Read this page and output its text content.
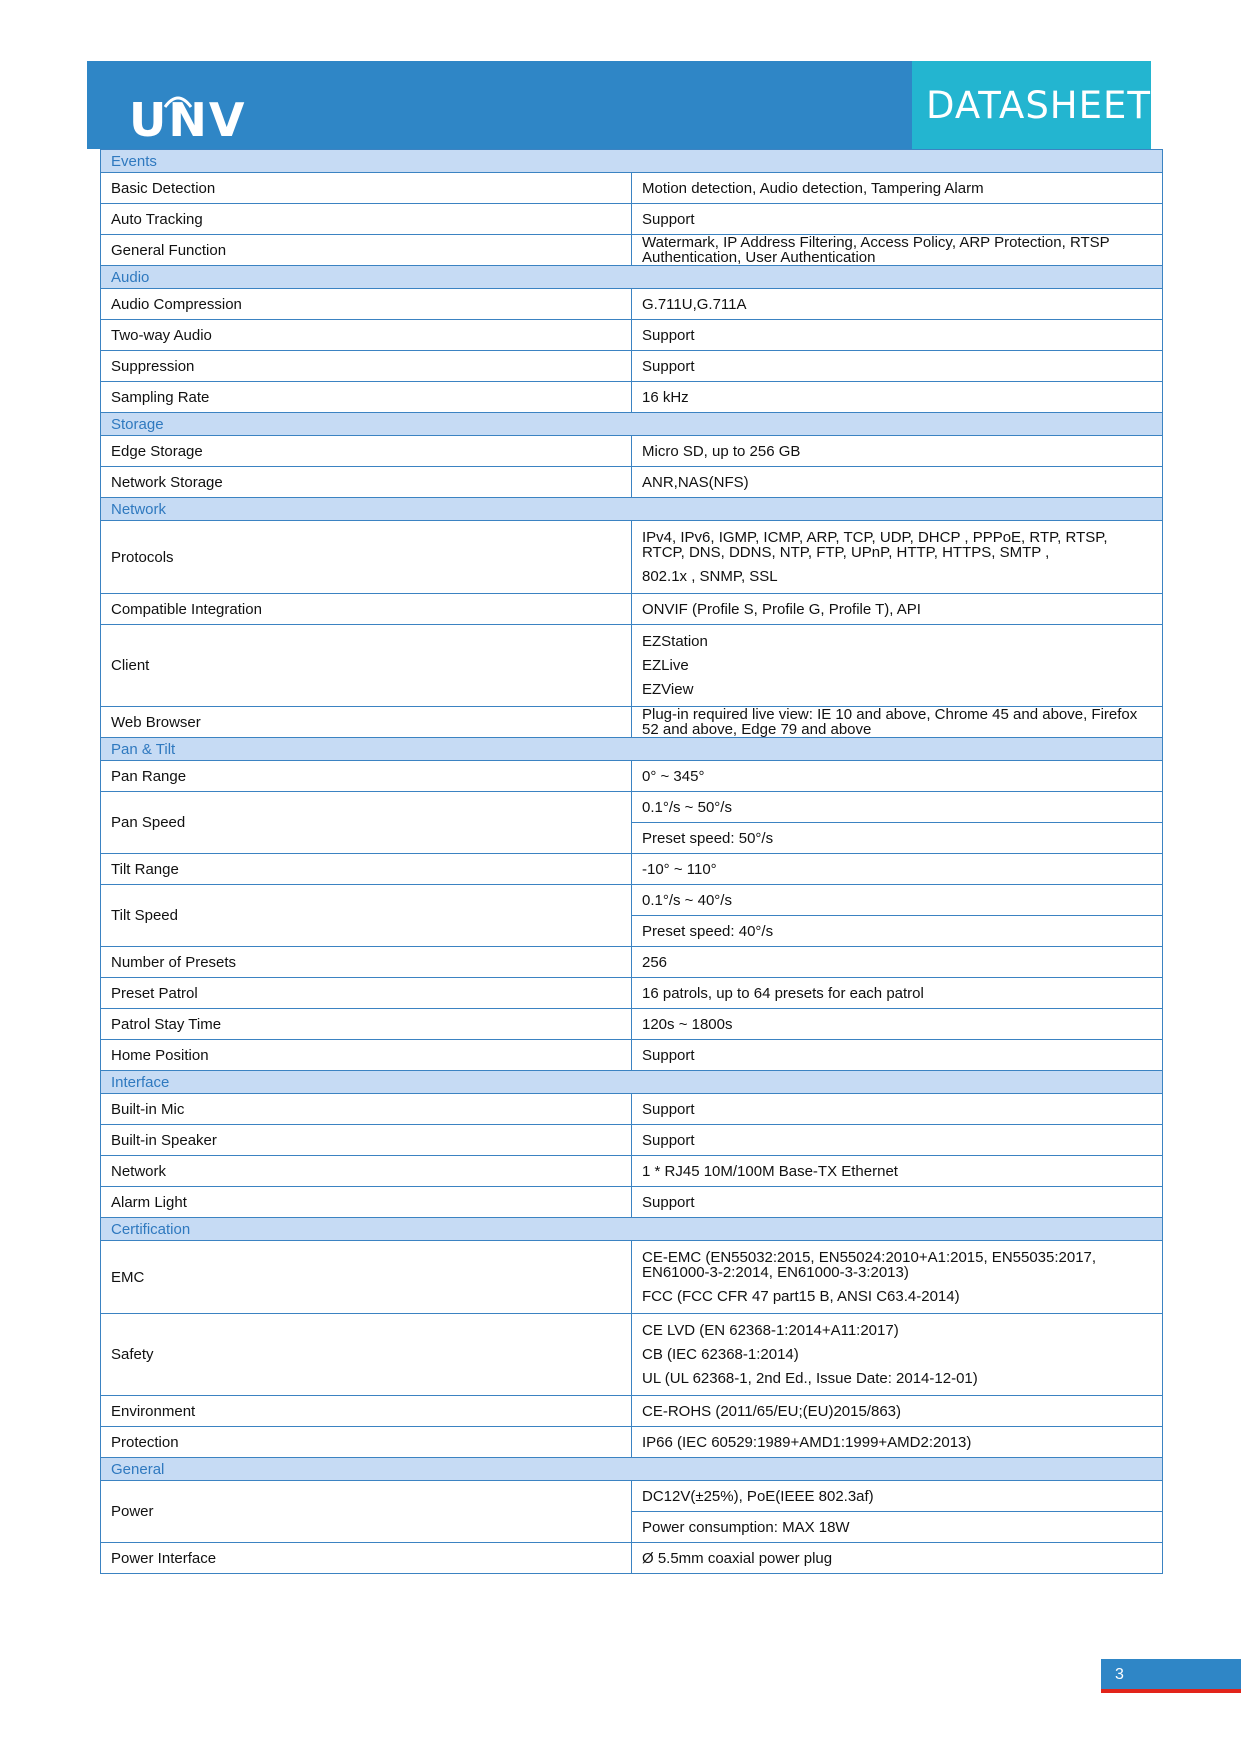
UNV	DATASHEET
Events	
Basic Detection	Motion detection, Audio detection, Tampering Alarm

Auto Tracking	Support

General Function	Watermark, IP Address Filtering, Access Policy, ARP Protection, RTSP Authentication, User Authentication

Audio	
Audio Compression	G.711U,G.711A

Two-way Audio	Support

Suppression	Support

Sampling Rate	16 kHz

Storage	
Edge Storage	Micro SD, up to 256 GB

Network Storage	ANR,NAS(NFS)

Network	
Protocols	IPv4, IPv6, IGMP, ICMP, ARP, TCP, UDP, DHCP , PPPoE, RTP, RTSP, RTCP, DNS, DDNS, NTP, FTP, UPnP, HTTP, HTTPS, SMTP ,
802.1x , SNMP, SSL

Compatible Integration	ONVIF (Profile S, Profile G, Profile T), API

Client	EZStation
EZLive
EZView

Web Browser	Plug-in required live view: IE 10 and above, Chrome 45 and above, Firefox 52 and above, Edge 79 and above

Pan & Tilt	
Pan Range	0° ~ 345°

Pan Speed	0.1°/s ~ 50°/s

	Preset speed: 50°/s

Tilt Range	-10° ~ 110°

Tilt Speed	0.1°/s ~ 40°/s

	Preset speed: 40°/s

Number of Presets	256

Preset Patrol	16 patrols, up to 64 presets for each patrol

Patrol Stay Time	120s ~ 1800s

Home Position	Support

Interface	
Built-in Mic	Support

Built-in Speaker	Support

Network	1 * RJ45 10M/100M Base-TX Ethernet

Alarm Light	Support

Certification	
EMC	CE-EMC (EN55032:2015, EN55024:2010+A1:2015, EN55035:2017, EN61000-3-2:2014, EN61000-3-3:2013)
FCC (FCC CFR 47 part15 B, ANSI C63.4-2014)

Safety	CE LVD (EN 62368-1:2014+A11:2017)
CB (IEC 62368-1:2014)
UL (UL 62368-1, 2nd Ed., Issue Date: 2014-12-01)

Environment	CE-ROHS (2011/65/EU;(EU)2015/863)

Protection	IP66 (IEC 60529:1989+AMD1:1999+AMD2:2013)

General	
Power	DC12V(±25%), PoE(IEEE 802.3af)

	Power consumption: MAX 18W

Power Interface	Ø 5.5mm coaxial power plug
3
